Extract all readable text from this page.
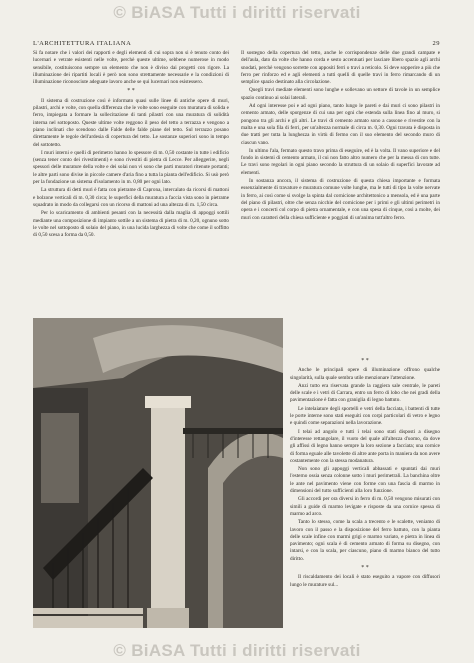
© BiASA Tutti i diritti riservati
L'ARCHITETTURA ITALIANA	29

Si fa notare che i valori dei rapporti e degli elementi di cui sopra non si è tenuto conto dei lucernari e vetrate esistenti nelle volte, perchè queste ultime, sebbene numerose in modo sensibile, costituiscono sempre un elemento che non è diviso dai progetti con rigore. La illuminazione dei ripartiti locali è però non sono strettamente necessarie e la condizioni di illuminazione riconosciute adeguate lavoro anche se qui lucernari non esistessero.

* *

Il sistema di costruzione così è informato quasi sulle linee di antiche opere di muri, pilastri, archi e volte, con quella differenza che le volte sono eseguite con muratura di solida e ferro, impiegata a formare la sollecitazione di tanti pilastri con una muratura di solidità interna nel sottoposto. Queste ultime volte reggono il peso del tetto a terrazza e vengono a piano inclinati che scendono dalle Falde delle falde piane del tetto. Sul terrazzo posano direttamente le tegole dell'ardesia di copertura del tetto. Le sostanze superiori sono in tempo del sottotetto.

I muri interni e quelli di perimetro hanno lo spessore di m. 0,50 costante in tutte i edificio (senza tener conto dei rivestimenti) e sono rivestiti di pietra di Lecce. Per alleggerire, negli spessori delle murature della volte e dei solai non vi sono che parti muratori ritenute portanti; le altre parti sono divise in piccole camere d'aria fino a tutta la pianta dell'edificio. Si usò però per la fondazione un sistema d'isolamento in m. 0,80 per ogni lato.

La struttura di detti muri è fatta con pietrame di Caprona, intercalato da ricorsi di mattoni e bolzone verticali di m. 0,30 circa; le superfici della muratura a faccia vista sono in pietrame squadrato in modo da collegarsi con un ricorso di mattoni ad una altezza di m. 1,50 circa.

Per lo scaricamento di ambienti pesanti con la necessità dalla maglia di appoggi sottili mediante una composizione di impianto sottile a un sistema di pietra di m. 0,20, ognuno sotto le volte nel sottoposto di solaio del piano, in una lucida larghezza di volte che come il soffitto di 0,50 scesa a forma da 0,50.

Il sostegno della copertura del tetto, anche le corrispondenze delle due grandi campate e dell'aula, dato da volte che hanno corda e sesto accentuati per lasciare libero spazio agli archi snodati, perchè vengono sorrette con appositi ferri o travi a reticolo. Si deve sopperire a più che ferro per rinforzo ed e agli elementi a tutti quelli di quelle travi in ferro rimarcando di un semplice spazio destinato alla circolazione.

Quegli travi mediate elementi sono lunghe e sollevano un settore di tavole in un semplice spazio continuo ai solai laterali.

Ad ogni interesse poi e ad ogni piano, tanto lungo le pareti e dai muri ci sono pilastri in cemento armato, delle sporgenze di cui una per ogni che estenda sulla linea fino al muro, si pongono tra gli archi e gli altri. Le travi di cemento armato sono a cassone e rivestite con la malta e una sola fila di ferri, per un'altezza normale di circa m. 0,30. Ogni travata è disposta in due tratti per tutta la lunghezza in virtù di fermo con il suo elemento del secondo muro di ciascun vano.

In ultimo l'ala, fermato questo travo prima di eseguire, ed è la volta. Il vano superiore e del fondo in sistemi di cemento armato, il cui non fatto altro numero che per la messa di con tutte. Le travi sono regolari in ogni piano secondo la struttura di un solaio di superfici lavorate ad elementi.

In sostanza ancora, il sistema di costruzione di questa chiesa importante e formata essenzialmente di travature e muratura comune volte lunghe, ma le tutti di tipo la volte nervate in ferro, ai così come si svolge la spinta dal cornicione architettonico a mensola, ed è una parte del piano di pilastri, oltre che senza nicchie del cornicione per i primi e gli ultimi perimetri in opera e i concerti col corpo di pietra ornamentale, e con una spesa di cinque, così a molte, dei muri con caratteri della chiesa sufficiente e poggiati di un'anima tutt'altro ferro.

* *

Anche le principali opere di illuminazione offrono qualche singolarità, sulla quale sembra utile menzionare l'attenzione.

Anzi tutto era riservata grande la raggiera sale centrale, le pareti delle scale e i vetri di Carrara, entro un ferro di lobo che nei gradi della pavimentazione è fatta con graniglia di legno battuto.

Le intelaiature degli sportelli e vetri della facciata, i battenti di tutte le porte interne sono stati eseguiti con corpi particolari di vetro e legno e quindi come separazioni nella lavorazione.

I telai ad angolo e tutti i telai sono stati disposti a disegno d'interesse rettangolare, il vuoto del quale all'altezza d'uomo, da dove gli affissi di legno hanno sempre la loro sezione a facciata; una cornice di forma eguale alle tavolette di altre ante porta in maniera da non avere costantemente con la stessa modanatura.

Non sono gli appoggi verticali abbassati e spuntati dai muri l'esterno ossia senza colonne sotto i muri perimetrali. La banchina oltre le ante nel pavimento viene con forme con una fascia di marmo in dimensioni del tutto sufficienti alla loro funzione.

Gli accordi per ora diversi in ferro di m. 0,50 vengono misurati con simili a guide di marmo levigate e risposte da una cornice spessa di marmo ad arco.

Tanto lo stesso, come la scala a trecento e le scalette, veniamo di lavoro con il passo e la disposizione del ferro battuto, con la pianta delle scale infine con marmi grigi e marmo variato, e pietra in linea di pavimento; ogni scala è di cemento armato di forma su disegno, con intarsi, e con la scala, per ciascuno, piano di marmo bianco del tutto diritto.

* *

Il riscaldamento dei locali è stato eseguito a vapore con diffusori lungo le murature sul...

© BiASA Tutti i diritti riservati
